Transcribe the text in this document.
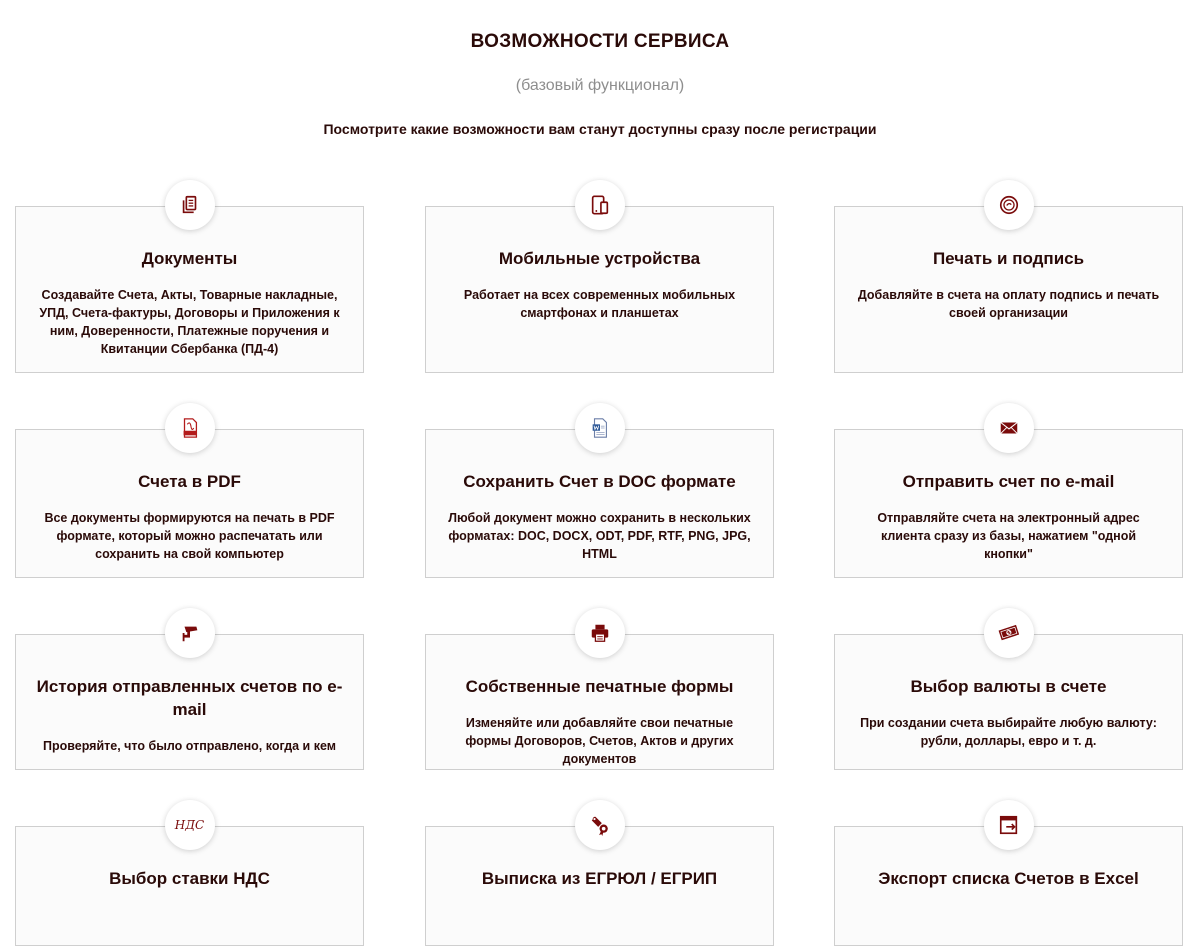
ВОЗМОЖНОСТИ СЕРВИСА
(базовый функционал)
Посмотрите какие возможности вам станут доступны сразу после регистрации
Документы
Создавайте Счета, Акты, Товарные накладные, УПД, Счета-фактуры, Договоры и Приложения к ним, Доверенности, Платежные поручения и Квитанции Сбербанка (ПД-4)
Мобильные устройства
Работает на всех современных мобильных смартфонах и планшетах
Печать и подпись
Добавляйте в счета на оплату подпись и печать своей организации
Счета в PDF
Все документы формируются на печать в PDF формате, который можно распечатать или сохранить на свой компьютер
Сохранить Счет в DOC формате
Любой документ можно сохранить в нескольких форматах: DOC, DOCX, ODT, PDF, RTF, PNG, JPG, HTML
Отправить счет по e-mail
Отправляйте счета на электронный адрес клиента сразу из базы, нажатием "одной кнопки"
История отправленных счетов по e-mail
Проверяйте, что было отправлено, когда и кем
Собственные печатные формы
Изменяйте или добавляйте свои печатные формы Договоров, Счетов, Актов и других документов
Выбор валюты в счете
При создании счета выбирайте любую валюту: рубли, доллары, евро и т. д.
НДС
Выбор ставки НДС	Выписка из ЕГРЮЛ / ЕГРИП	Экспорт списка Счетов в Excel
